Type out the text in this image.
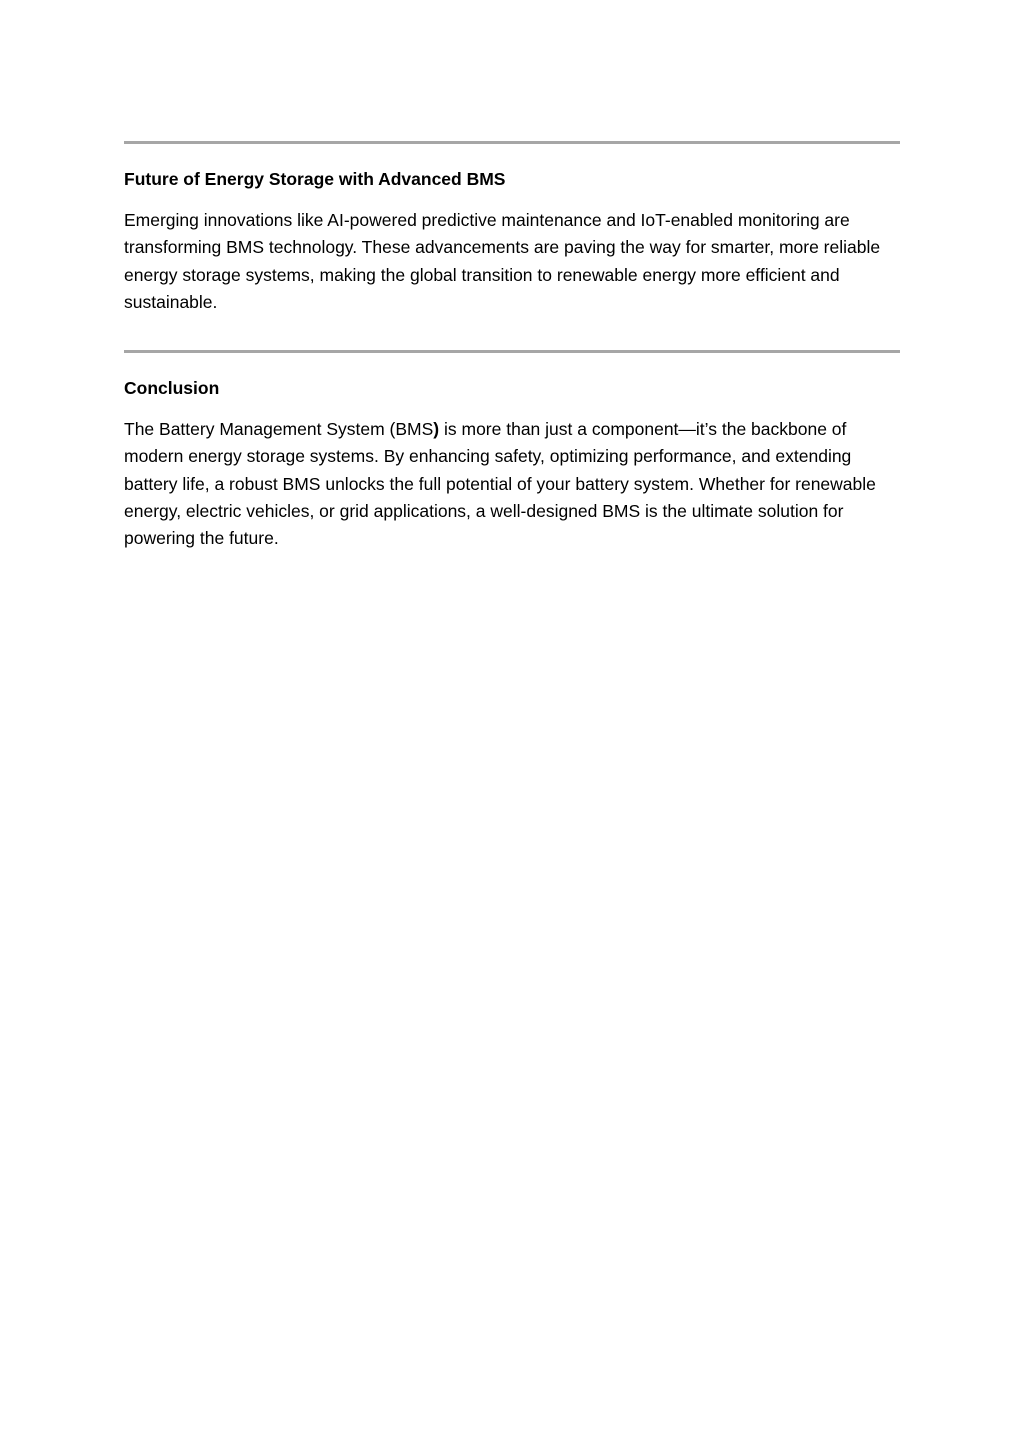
Future of Energy Storage with Advanced BMS

Emerging innovations like AI-powered predictive maintenance and IoT-enabled monitoring are transforming BMS technology. These advancements are paving the way for smarter, more reliable energy storage systems, making the global transition to renewable energy more efficient and sustainable.

Conclusion

The Battery Management System (BMS) is more than just a component—it’s the backbone of modern energy storage systems. By enhancing safety, optimizing performance, and extending battery life, a robust BMS unlocks the full potential of your battery system. Whether for renewable energy, electric vehicles, or grid applications, a well-designed BMS is the ultimate solution for powering the future.
